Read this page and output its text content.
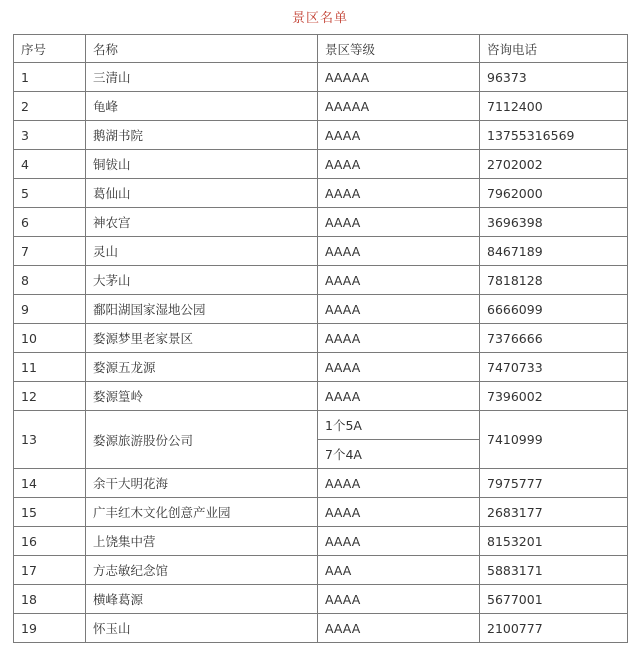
景区名单
序号	名称	景区等级	咨询电话
1	三清山	AAAAA	96373
2	龟峰	AAAAA	7112400
3	鹅湖书院	AAAA	13755316569
4	铜钹山	AAAA	2702002
5	葛仙山	AAAA	7962000
6	神农宫	AAAA	3696398
7	灵山	AAAA	8467189
8	大茅山	AAAA	7818128
9	鄱阳湖国家湿地公园	AAAA	6666099
10	婺源梦里老家景区	AAAA	7376666
11	婺源五龙源	AAAA	7470733
12	婺源篁岭	AAAA	7396002
13	婺源旅游股份公司	1个5A	7410999
		7个4A	
14	余干大明花海	AAAA	7975777
15	广丰红木文化创意产业园	AAAA	2683177
16	上饶集中营	AAAA	8153201
17	方志敏纪念馆	AAA	5883171
18	横峰葛源	AAAA	5677001
19	怀玉山	AAAA	2100777
